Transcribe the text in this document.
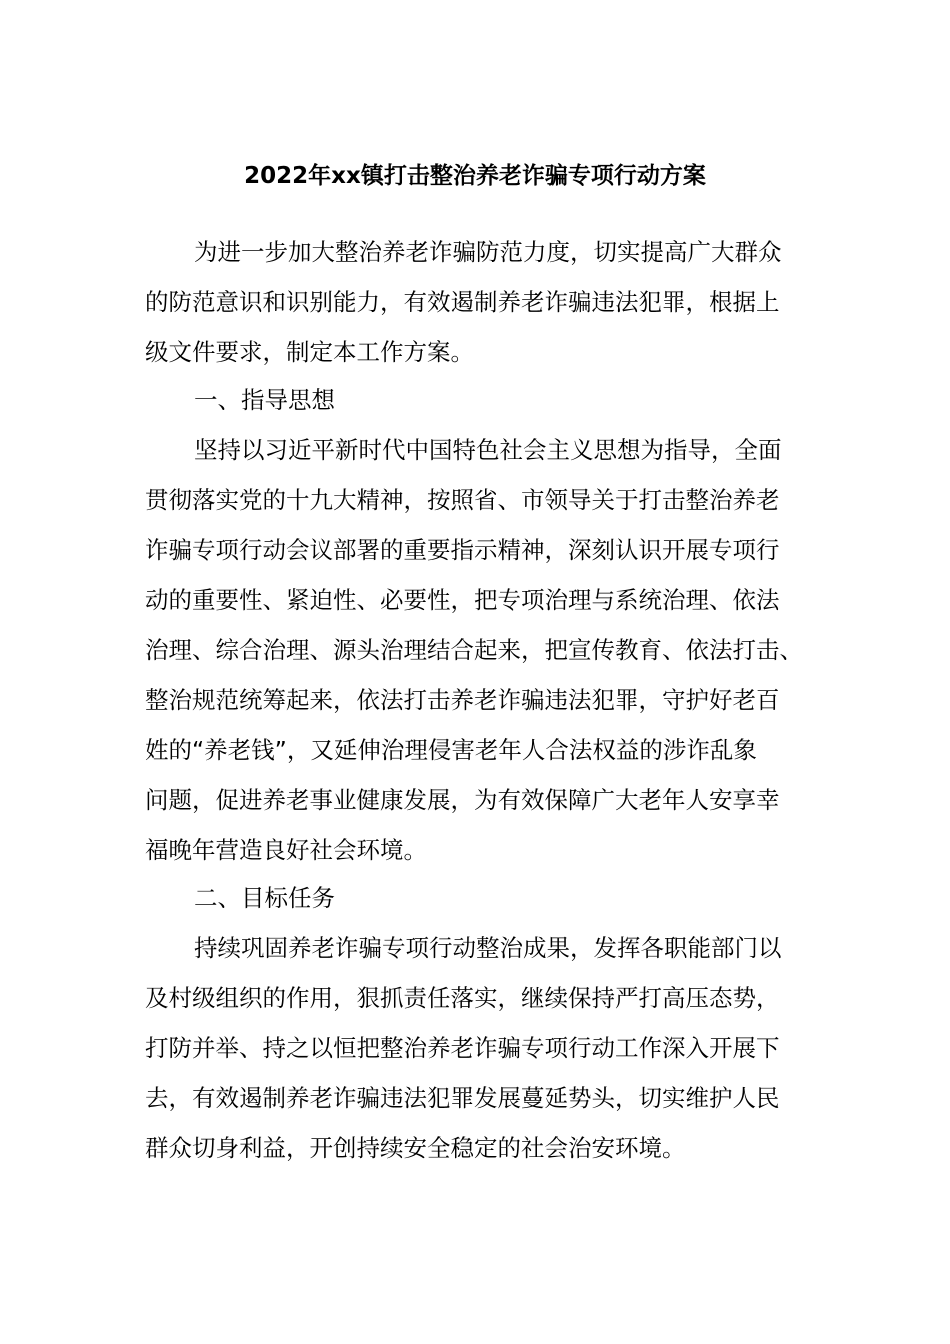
2022年xx镇打击整治养老诈骗专项行动方案

为进一步加大整治养老诈骗防范力度，切实提高广大群众

的防范意识和识别能力，有效遏制养老诈骗违法犯罪，根据上

级文件要求，制定本工作方案。

一、指导思想

坚持以习近平新时代中国特色社会主义思想为指导，全面

贯彻落实党的十九大精神，按照省、市领导关于打击整治养老

诈骗专项行动会议部署的重要指示精神，深刻认识开展专项行

动的重要性、紧迫性、必要性，把专项治理与系统治理、依法

治理、综合治理、源头治理结合起来，把宣传教育、依法打击、

整治规范统筹起来，依法打击养老诈骗违法犯罪，守护好老百

姓的“养老钱”，又延伸治理侵害老年人合法权益的涉诈乱象

问题，促进养老事业健康发展，为有效保障广大老年人安享幸

福晚年营造良好社会环境。

二、目标任务

持续巩固养老诈骗专项行动整治成果，发挥各职能部门以

及村级组织的作用，狠抓责任落实，继续保持严打高压态势，

打防并举、持之以恒把整治养老诈骗专项行动工作深入开展下

去，有效遏制养老诈骗违法犯罪发展蔓延势头，切实维护人民

群众切身利益，开创持续安全稳定的社会治安环境。
